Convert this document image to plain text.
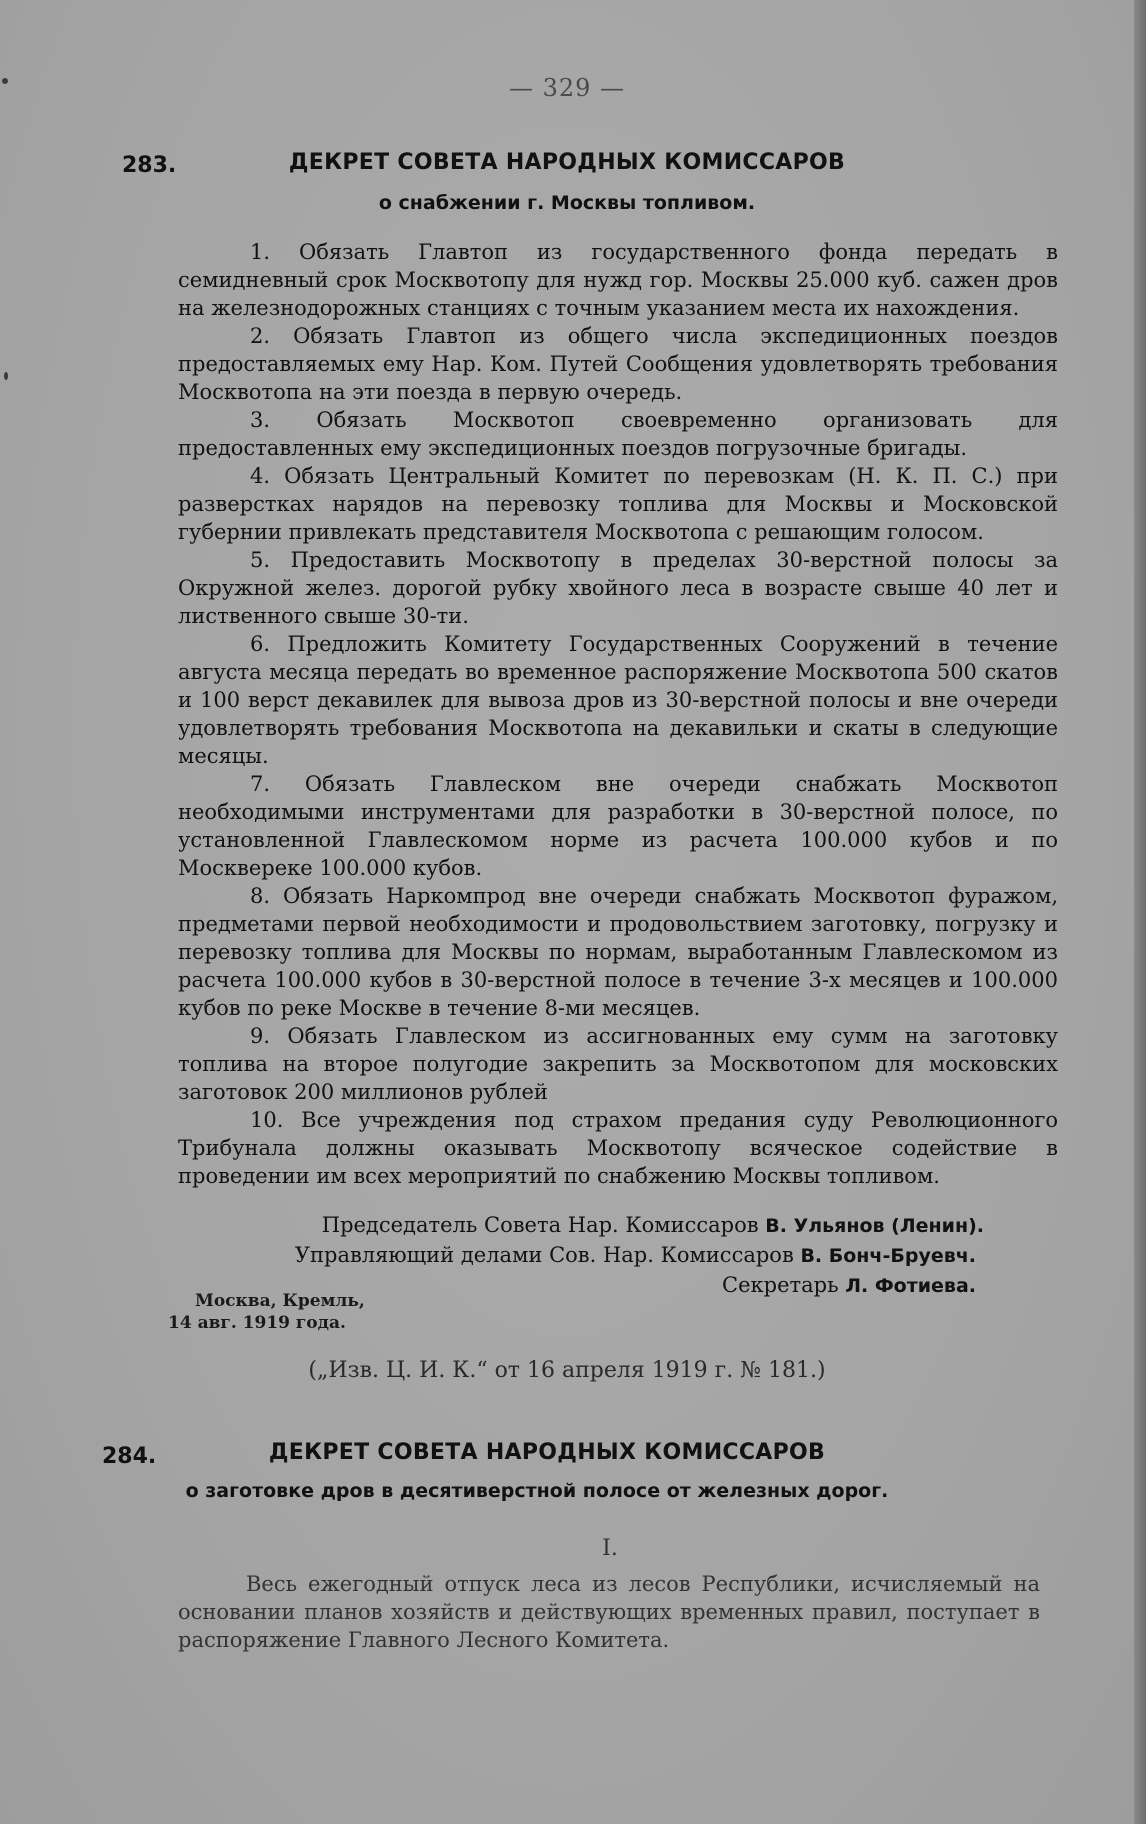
— 329 —
283.	ДЕКРЕТ СОВЕТА НАРОДНЫХ КОМИССАРОВ
о снабжении г. Москвы топливом.

1. Обязать Главтоп из государственного фонда передать в семидневный срок Москвотопу для нужд гор. Москвы 25.000 куб. сажен дров на железнодорожных станциях с точным указанием места их нахождения.

2. Обязать Главтоп из общего числа экспедиционных поездов предоставляемых ему Нар. Ком. Путей Сообщения удовлетворять требования Москвотопа на эти поезда в первую очередь.

3. Обязать Москвотоп своевременно организовать для предоставленных ему экспедиционных поездов погрузочные бригады.

4. Обязать Центральный Комитет по перевозкам (Н. К. П. С.) при разверстках нарядов на перевозку топлива для Москвы и Московской губернии привлекать представителя Москвотопа с решающим голосом.

5. Предоставить Москвотопу в пределах 30-верстной полосы за Окружной желез. дорогой рубку хвойного леса в возрасте свыше 40 лет и лиственного свыше 30-ти.

6. Предложить Комитету Государственных Сооружений в течение августа месяца передать во временное распоряжение Москвотопа 500 скатов и 100 верст декавилек для вывоза дров из 30-верстной полосы и вне очереди удовлетворять требования Москвотопа на декавильки и скаты в следующие месяцы.

7. Обязать Главлеском вне очереди снабжать Москвотоп необходимыми инструментами для разработки в 30-верстной полосе, по установленной Главлескомом норме из расчета 100.000 кубов и по Москвереке 100.000 кубов.

8. Обязать Наркомпрод вне очереди снабжать Москвотоп фуражом, предметами первой необходимости и продовольствием заготовку, погрузку и перевозку топлива для Москвы по нормам, выработанным Главлескомом из расчета 100.000 кубов в 30-верстной полосе в течение 3-х месяцев и 100.000 кубов по реке Москве в течение 8-ми месяцев.

9. Обязать Главлеском из ассигнованных ему сумм на заготовку топлива на второе полугодие закрепить за Москвотопом для московских заготовок 200 миллионов рублей

10. Все учреждения под страхом предания суду Революционного Трибунала должны оказывать Москвотопу всяческое содействие в проведении им всех мероприятий по снабжению Москвы топливом.

Председатель Совета Нар. Комиссаров В. Ульянов (Ленин).
Управляющий делами Сов. Нар. Комиссаров В. Бонч-Бруевч.
Секретарь Л. Фотиева.
Москва, Кремль,
14 авг. 1919 года.
(„Изв. Ц. И. К.“ от 16 апреля 1919 г. № 181.)
284.	ДЕКРЕТ СОВЕТА НАРОДНЫХ КОМИССАРОВ
о заготовке дров в десятиверстной полосе от железных дорог.
I.

Весь ежегодный отпуск леса из лесов Республики, исчисляемый на основании планов хозяйств и действующих временных правил, поступает в распоряжение Главного Лесного Комитета.
